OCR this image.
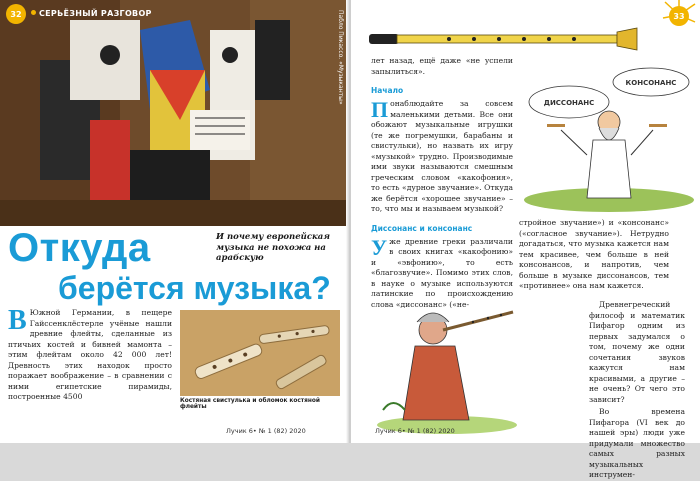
32	СЕРЬЁЗНЫЙ РАЗГОВОР	Пабло Пикассо. «Музыканты»
Откуда
берётся музыка?
И почему европейская музыка не похожа на арабскую
В Южной Германии, в пещере Гайссенклёстерле учёные нашли древние флейты, сделанные из птичьих костей и бивней мамонта – этим флейтам около 42 000 лет! Древность этих находок просто поражает воображение – в сравнении с ними египетские пирамиды, построенные 4500	Костяная свистулька и обломок костяной флейты
Лучик 6• № 1 (82) 2020
33

лет назад, ещё даже «не успели запылиться».

Начало

Понаблюдайте за совсем маленькими детьми. Все они обожают музыкальные игрушки (те же погремушки, барабаны и свистульки), но назвать их игру «музыкой» трудно. Производимые ими звуки называются смешным греческим словом «какофония», то есть «дурное звучание». Откуда же берётся «хорошее звучание» – то, что мы и называем музыкой?

Диссонанс и консонанс

Уже древние греки различали в своих книгах «какофонию» и «эвфонию», то есть «благозвучие». Помимо этих слов, в науке о музыке используются латинские по происхождению слова «диссонанс» («не-

ДИССОНАНС
КОНСОНАНС

стройное звучание») и «консонанс» («согласное звучание»). Нетрудно догадаться, что музыка кажется нам тем красивее, чем больше в ней консонансов, и напротив, чем больше в музыке диссонансов, тем «противнее» она нам кажется.

Древнегреческий философ и математик Пифагор одним из первых задумался о том, почему же одни сочетания звуков кажутся нам красивыми, а другие – не очень? От чего это зависит?

Во времена Пифагора (VI век до нашей эры) люди уже придумали множество самых разных музыкальных инструмен-

Лучик 6• № 1 (82) 2020
